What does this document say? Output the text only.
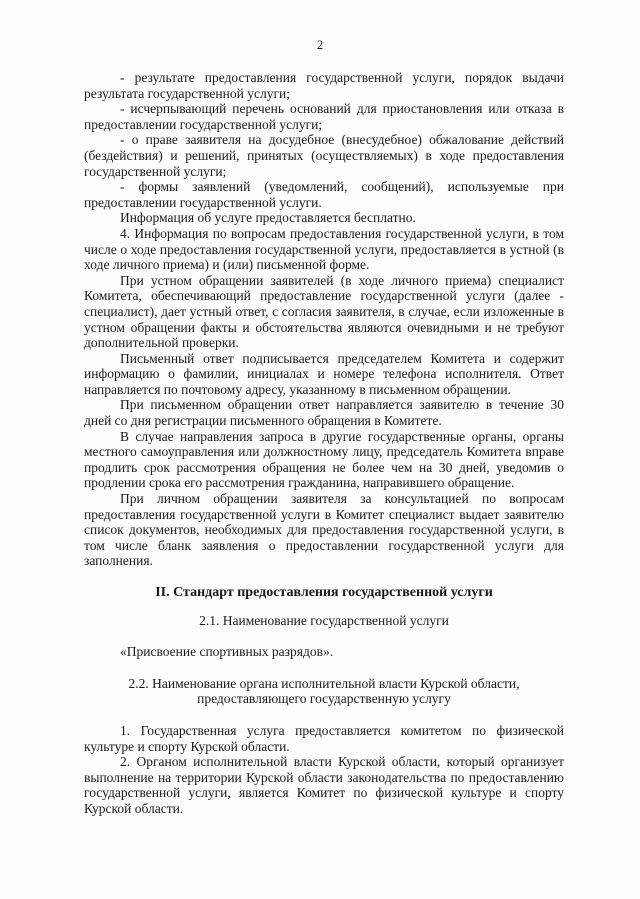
2

- результате предоставления государственной услуги, порядок выдачи результата государственной услуги;

- исчерпывающий перечень оснований для приостановления или отказа в предоставлении государственной услуги;

- о праве заявителя на досудебное (внесудебное) обжалование действий (бездействия) и решений, принятых (осуществляемых) в ходе предоставления государственной услуги;

- формы заявлений (уведомлений, сообщений), используемые при предоставлении государственной услуги.

Информация об услуге предоставляется бесплатно.

4. Информация по вопросам предоставления государственной услуги, в том числе о ходе предоставления государственной услуги, предоставляется в устной (в ходе личного приема) и (или) письменной форме.

При устном обращении заявителей (в ходе личного приема) специалист Комитета, обеспечивающий предоставление государственной услуги (далее - специалист), дает устный ответ, с согласия заявителя, в случае, если изложенные в устном обращении факты и обстоятельства являются очевидными и не требуют дополнительной проверки.

Письменный ответ подписывается председателем Комитета и содержит информацию о фамилии, инициалах и номере телефона исполнителя. Ответ направляется по почтовому адресу, указанному в письменном обращении.

При письменном обращении ответ направляется заявителю в течение 30 дней со дня регистрации письменного обращения в Комитете.

В случае направления запроса в другие государственные органы, органы местного самоуправления или должностному лицу, председатель Комитета вправе продлить срок рассмотрения обращения не более чем на 30 дней, уведомив о продлении срока его рассмотрения гражданина, направившего обращение.

При личном обращении заявителя за консультацией по вопросам предоставления государственной услуги в Комитет специалист выдает заявителю список документов, необходимых для предоставления государственной услуги, в том числе бланк заявления о предоставлении государственной услуги для заполнения.

II. Стандарт предоставления государственной услуги

2.1. Наименование государственной услуги

«Присвоение спортивных разрядов».

2.2. Наименование органа исполнительной власти Курской области,

предоставляющего государственную услугу

1. Государственная услуга предоставляется комитетом по физической культуре и спорту Курской области.

2. Органом исполнительной власти Курской области, который организует выполнение на территории Курской области законодательства по предоставлению государственной услуги, является Комитет по физической культуре и спорту Курской области.
